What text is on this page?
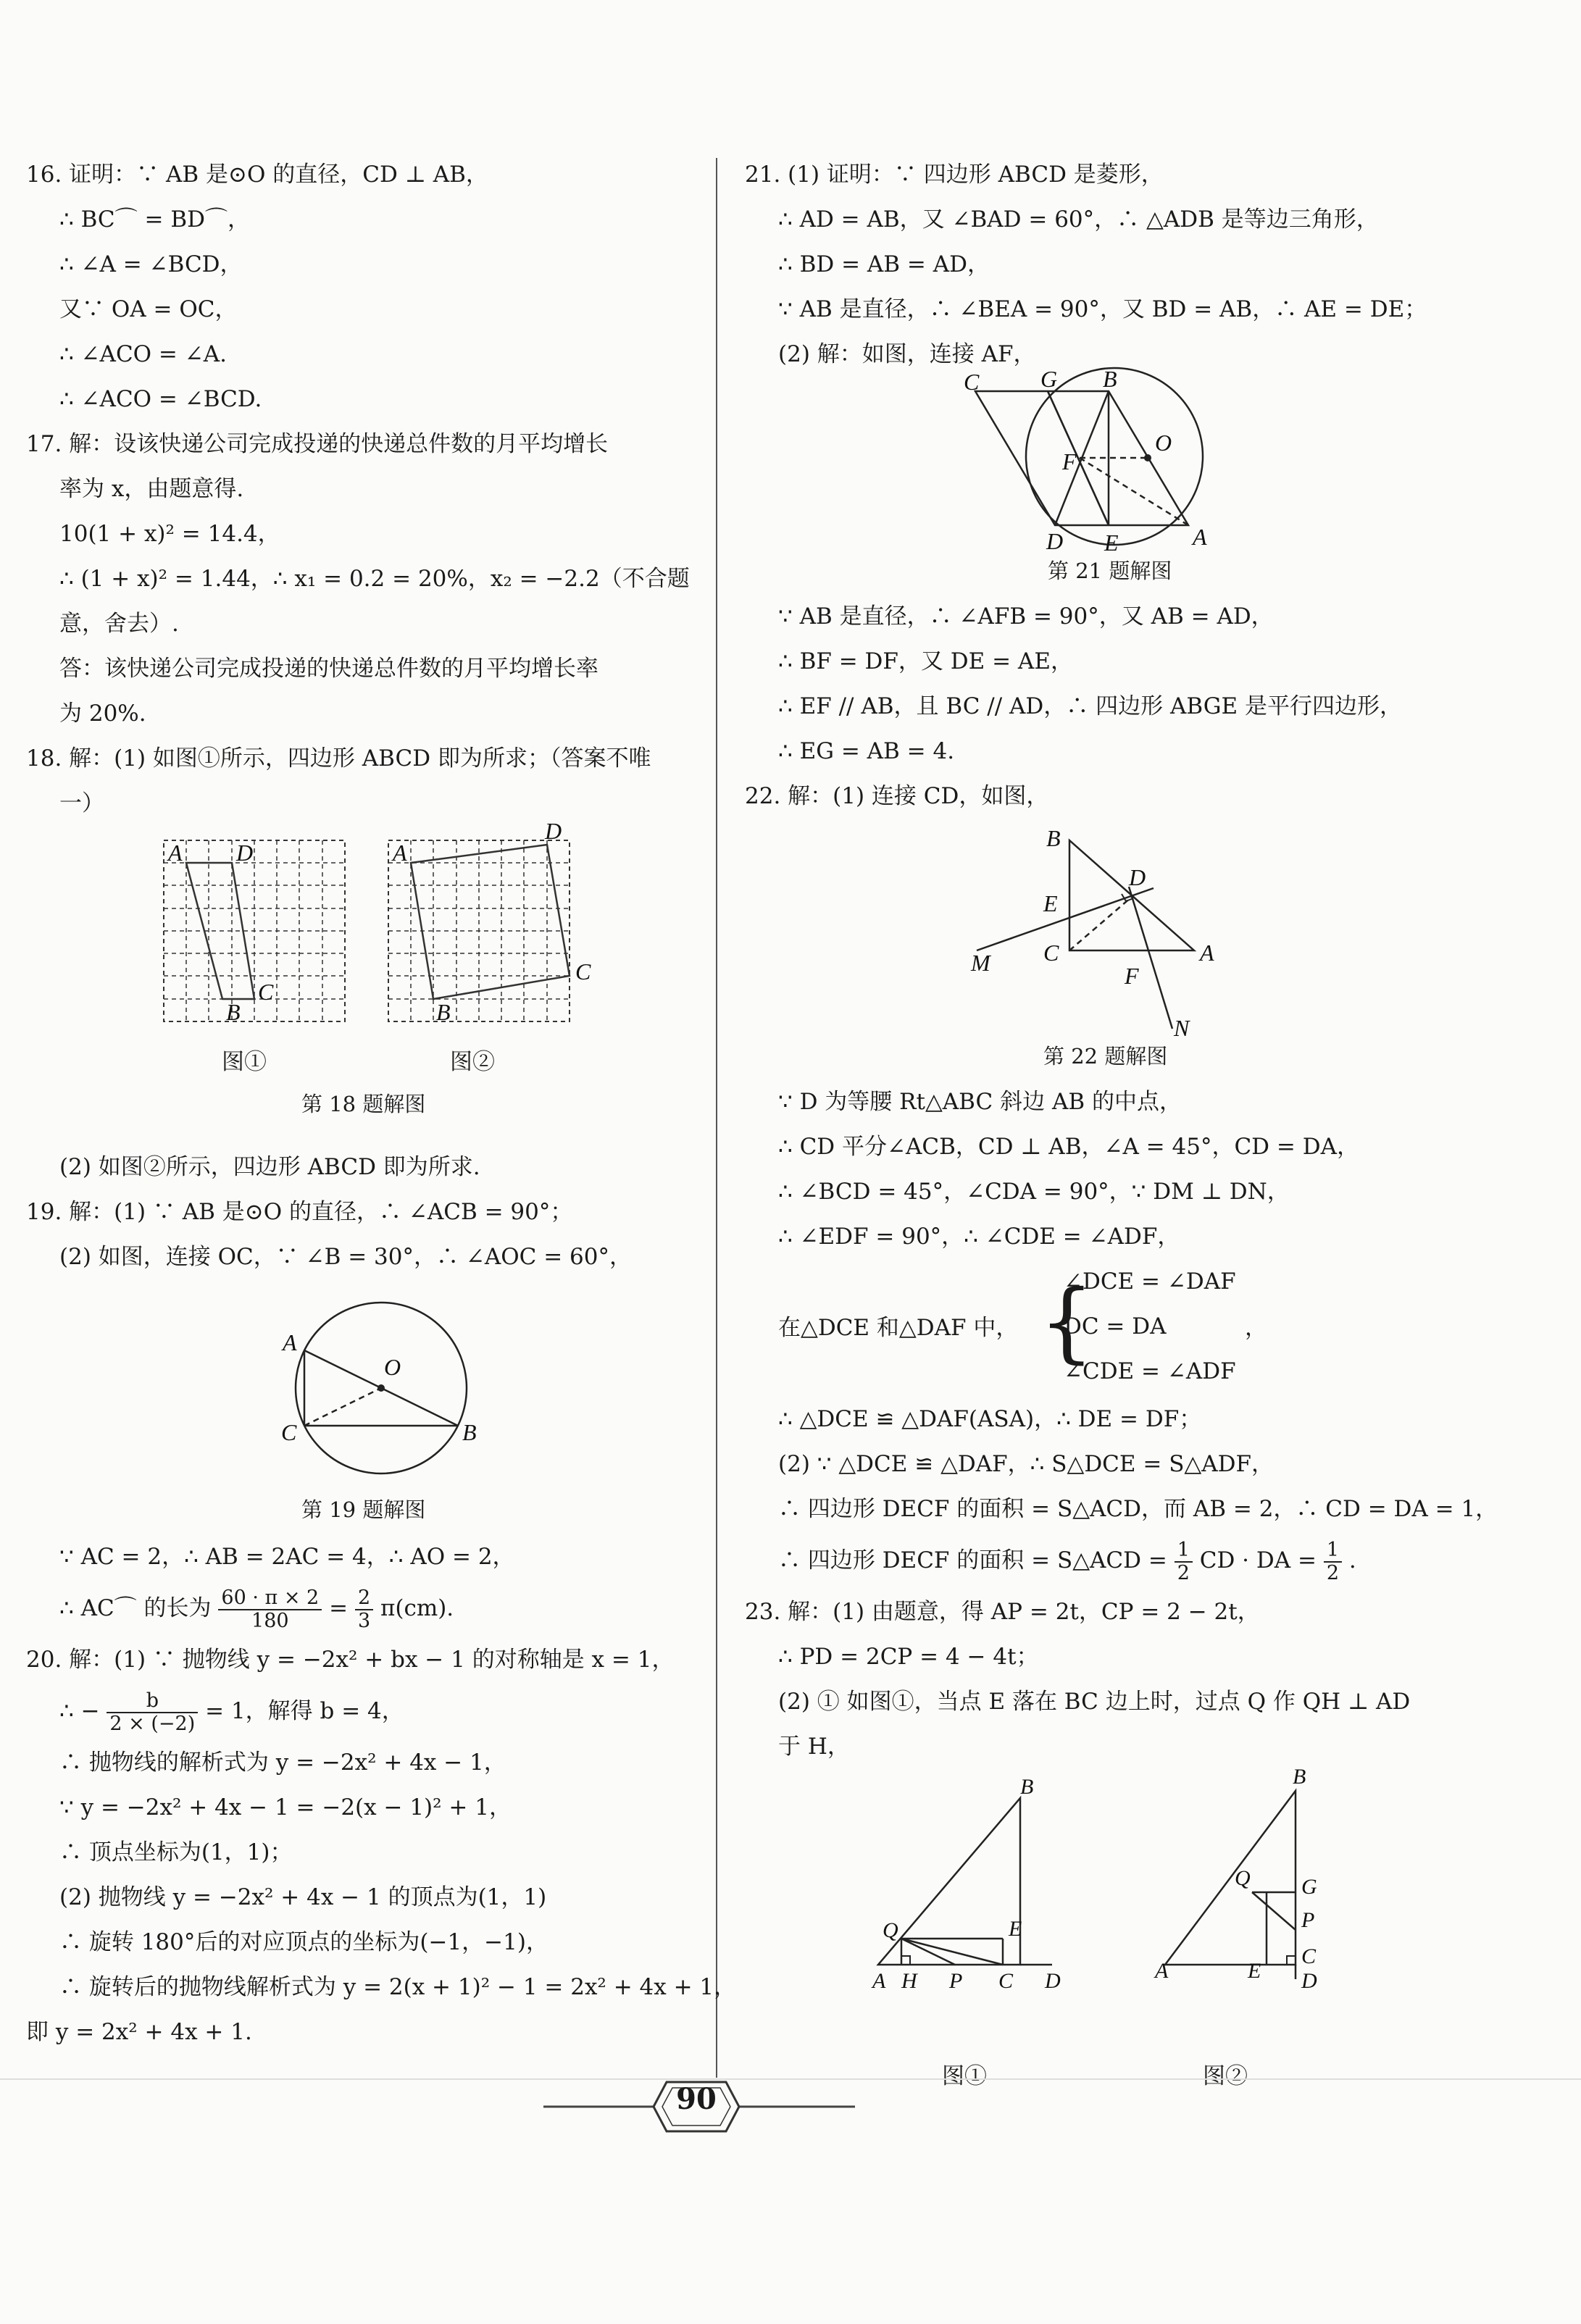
16. 证明：∵ AB 是⊙O 的直径，CD ⊥ AB，
∴ BC⌒ = BD⌒，
∴ ∠A = ∠BCD，
又∵ OA = OC，
∴ ∠ACO = ∠A.
∴ ∠ACO = ∠BCD.
17. 解：设该快递公司完成投递的快递总件数的月平均增长
率为 x，由题意得.
10(1 + x)² = 14.4，
∴ (1 + x)² = 1.44，∴ x₁ = 0.2 = 20%，x₂ = −2.2（不合题
意，舍去）.
答：该快递公司完成投递的快递总件数的月平均增长率
为 20%.
18. 解：(1) 如图①所示，四边形 ABCD 即为所求；（答案不唯
一）
A D
B
C
A
D
B
C
图①	图②
第 18 题解图
(2) 如图②所示，四边形 ABCD 即为所求.
19. 解：(1) ∵ AB 是⊙O 的直径，∴ ∠ACB = 90°；
(2) 如图，连接 OC，∵ ∠B = 30°，∴ ∠AOC = 60°，
A
O
C	B
第 19 题解图
∵ AC = 2，∴ AB = 2AC = 4，∴ AO = 2，
∴ AC⌒ 的长为 $\frac{60 \cdot \pi \times 2}{180} = \frac{2}{3} \pi(cm)$.
20. 解：(1) ∵ 抛物线 y = −2x² + bx − 1 的对称轴是 x = 1，
∴ − $\frac{b}{2 \times (-2)} = 1$，解得 b = 4，
∴ 抛物线的解析式为 y = −2x² + 4x − 1，
∵ y = −2x² + 4x − 1 = −2(x − 1)² + 1，
∴ 顶点坐标为(1，1)；
(2) 抛物线 y = −2x² + 4x − 1 的顶点为(1，1)
∴ 旋转 180°后的对应顶点的坐标为(−1，−1)，
∴ 旋转后的抛物线解析式为 y = 2(x + 1)² − 1 = 2x² + 4x + 1，
即 y = 2x² + 4x + 1.
21. (1) 证明：∵ 四边形 ABCD 是菱形，
∴ AD = AB，又 ∠BAD = 60°，∴ △ADB 是等边三角形，
∴ BD = AB = AD，
∵ AB 是直径，∴ ∠BEA = 90°，又 BD = AB，∴ AE = DE；
(2) 解：如图，连接 AF，
C	G B
O
F
D E	A
第 21 题解图
∵ AB 是直径，∴ ∠AFB = 90°，又 AB = AD，
∴ BF = DF，又 DE = AE，
∴ EF // AB，且 BC // AD，∴ 四边形 ABGE 是平行四边形，
∴ EG = AB = 4.
22. 解：(1) 连接 CD，如图，
B
D
E
M C	A
F
N
第 22 题解图
∵ D 为等腰 Rt△ABC 斜边 AB 的中点，
∴ CD 平分∠ACB，CD ⊥ AB，∠A = 45°，CD = DA，
∴ ∠BCD = 45°，∠CDA = 90°，∵ DM ⊥ DN，
∴ ∠EDF = 90°，∴ ∠CDE = ∠ADF，
在△DCE 和△DAF 中， {
∠DCE = ∠DAF
DC = DA
∠CDE = ∠ADF
，
∴ △DCE ≌ △DAF(ASA)，∴ DE = DF；
(2) ∵ △DCE ≌ △DAF，∴ S△DCE = S△ADF，
∴ 四边形 DECF 的面积 = S△ACD，而 AB = 2，∴ CD = DA = 1，
∴ 四边形 DECF 的面积 = S△ACD = $\frac{1}{2}$ CD · DA = $\frac{1}{2}$ .
23. 解：(1) 由题意，得 AP = 2t，CP = 2 − 2t，
∴ PD = 2CP = 4 − 4t；
(2) ① 如图①，当点 E 落在 BC 边上时，过点 Q 作 QH ⊥ AD
于 H，
B
Q	E
A H P C D
B
Q G
P
C
A	E D
图①	图②
90
